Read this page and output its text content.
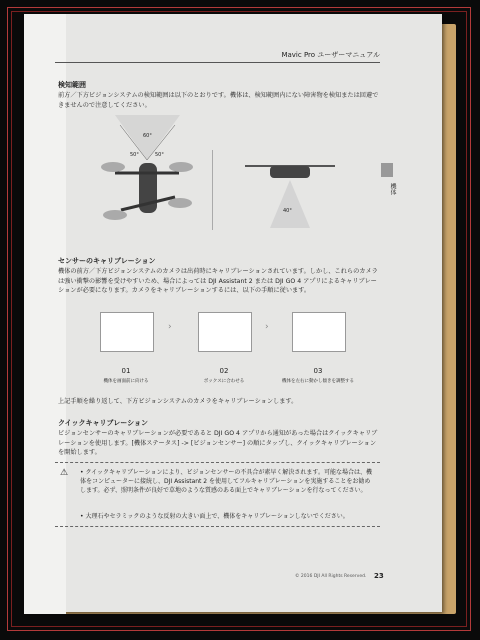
Mavic Pro ユーザーマニュアル
機体
検知範囲
前方／下方ビジョンシステムの検知範囲は以下のとおりです。機体は、検知範囲内にない障害物を検知または回避できませんので注意してください。
60°
50°	50°
40°
センサーのキャリブレーション
機体の前方／下方ビジョンシステムのカメラは出荷時にキャリブレーションされています。しかし、これらのカメラは強い衝撃の影響を受けやすいため、場合によっては DJI Assistant 2 または DJI GO 4 アプリによるキャリブレーションが必要になります。カメラをキャリブレーションするには、以下の手順に従います。
›	›
01	02	03
機体を画面前に向ける	ボックスに合わせる	機体を左右に動かし傾きを調整する
上記手順を繰り返して、下方ビジョンシステムのカメラをキャリブレーションします。
クイックキャリブレーション
ビジョンセンサーのキャリブレーションが必要であると DJI GO 4 アプリから通知があった場合はクイックキャリブレーションを使用します。[機体ステータス] -> [ビジョンセンサー] の順にタップし、クイックキャリブレーションを開始します。
⚠ • クイックキャリブレーションにより、ビジョンセンサーの不具合が素早く解決されます。可能な場合は、機体をコンピューターに接続し、DJI Assistant 2 を使用してフルキャリブレーションを実施することをお勧めします。必ず、照明条件が良好で草地のような質感のある面上でキャリブレーションを行なってください。
• 大理石やセラミックのような反射の大きい面上で、機体をキャリブレーションしないでください。
© 2016 DJI All Rights Reserved. 23
